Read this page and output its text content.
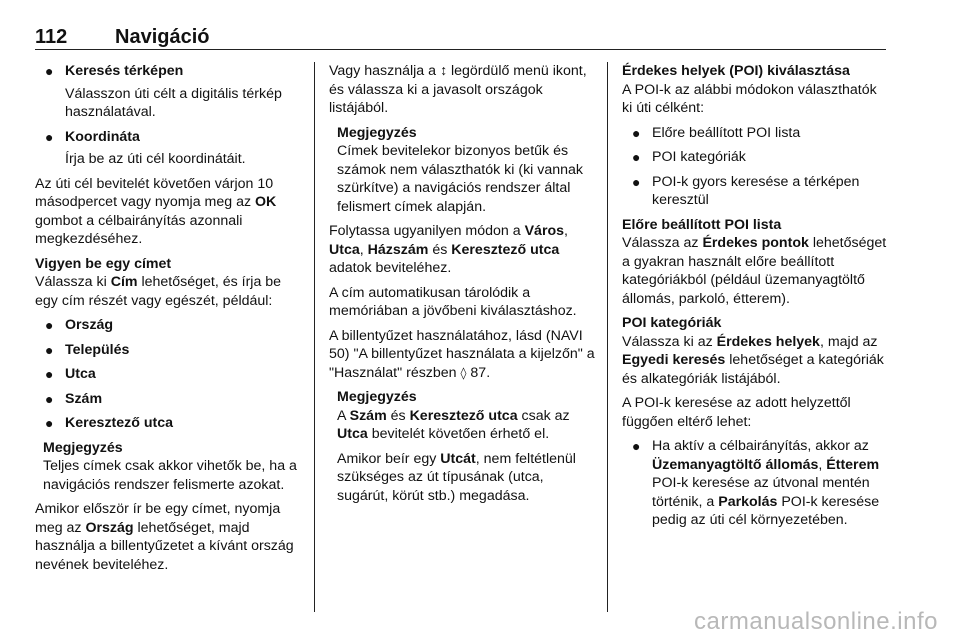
112 Navigáció
● Keresés térképen
Válasszon úti célt a digitális térkép használatával.
● Koordináta
Írja be az úti cél koordinátáit.

Az úti cél bevitelét követően várjon 10 másodpercet vagy nyomja meg az OK gombot a célbairányítás azonnali megkezdéséhez.

Vigyen be egy címet

Válassza ki Cím lehetőséget, és írja be egy cím részét vagy egészét, például:

● Ország
● Település
● Utca
● Szám
● Keresztező utca
Megjegyzés
Teljes címek csak akkor vihetők be, ha a navigációs rendszer felismerte azokat.

Amikor először ír be egy címet, nyomja meg az Ország lehetőséget, majd használja a billentyűzetet a kívánt ország nevének beviteléhez.

Vagy használja a ↕ legördülő menü ikont, és válassza ki a javasolt országok listájából.

Megjegyzés
Címek bevitelekor bizonyos betűk és számok nem választhatók ki (ki vannak szürkítve) a navigációs rendszer által felismert címek alapján.

Folytassa ugyanilyen módon a Város, Utca, Házszám és Keresztező utca adatok beviteléhez.

A cím automatikusan tárolódik a memóriában a jövőbeni kiválasztáshoz.

A billentyűzet használatához, lásd (NAVI 50) "A billentyűzet használata a kijelzőn" a "Használat" részben ◊ 87.

Megjegyzés

A Szám és Keresztező utca csak az Utca bevitelét követően érhető el.

Amikor beír egy Utcát, nem feltétlenül szükséges az út típusának (utca, sugárút, körút stb.) megadása.

Érdekes helyek (POI) kiválasztása

A POI-k az alábbi módokon választhatók ki úti célként:

● Előre beállított POI lista
● POI kategóriák
● POI-k gyors keresése a térképen keresztül
Előre beállított POI lista

Válassza az Érdekes pontok lehetőséget a gyakran használt előre beállított kategóriákból (például üzemanyagtöltő állomás, parkoló, étterem).

POI kategóriák

Válassza ki az Érdekes helyek, majd az Egyedi keresés lehetőséget a kategóriák és alkategóriák listájából.

A POI-k keresése az adott helyzettől függően eltérő lehet:

● Ha aktív a célbairányítás, akkor az Üzemanyagtöltő állomás, Étterem POI-k keresése az útvonal mentén történik, a Parkolás POI-k keresése pedig az úti cél környezetében.
carmanualsonline.info
